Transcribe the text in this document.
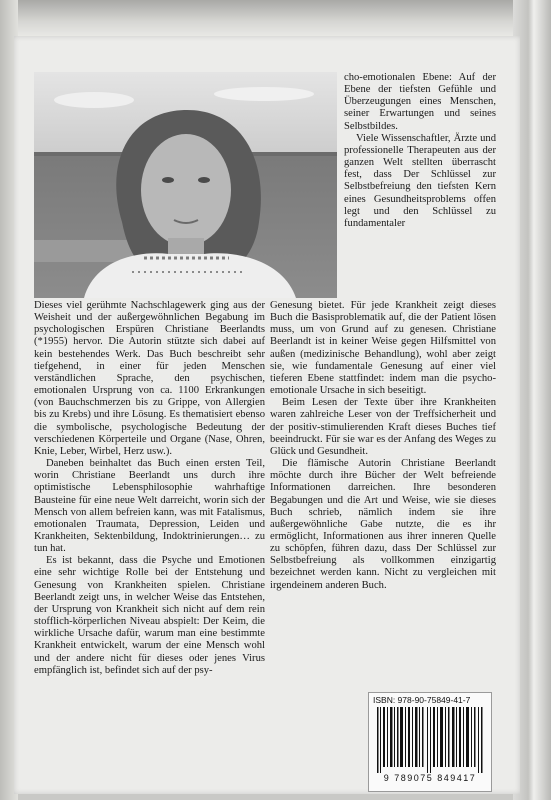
cho-emotionalen Ebene: Auf der Ebene der tiefsten Gefühle und Überzeugungen eines Menschen, seiner Erwartungen und seines Selbstbildes.

Viele Wissenschaftler, Ärzte und professionelle Therapeuten aus der ganzen Welt stellten überrascht fest, dass Der Schlüssel zur Selbstbefreiung den tiefsten Kern eines Gesundheitsproblems offen legt und den Schlüssel zu fundamentaler

Dieses viel gerühmte Nachschlagewerk ging aus der Weisheit und der außergewöhnlichen Begabung im psychologischen Erspüren Christiane Beerlandts (*1955) hervor. Die Autorin stützte sich dabei auf kein bestehendes Werk. Das Buch beschreibt sehr tiefgehend, in einer für jeden Menschen verständlichen Sprache, den psychischen, emotionalen Ursprung von ca. 1100 Erkrankungen (von Bauchschmerzen bis zu Grippe, von Allergien bis zu Krebs) und ihre Lösung. Es thematisiert ebenso die symbolische, psychologische Bedeutung der verschiedenen Körperteile und Organe (Nase, Ohren, Knie, Leber, Wirbel, Herz usw.).

Daneben beinhaltet das Buch einen ersten Teil, worin Christiane Beerlandt uns durch ihre optimistische Lebensphilosophie wahrhaftige Bausteine für eine neue Welt darreicht, worin sich der Mensch von allem befreien kann, was mit Fatalismus, emotionalen Traumata, Depression, Leiden und Krankheiten, Sektenbildung, Indoktrinierungen… zu tun hat.

Es ist bekannt, dass die Psyche und Emotionen eine sehr wichtige Rolle bei der Entstehung und Genesung von Krankheiten spielen. Christiane Beerlandt zeigt uns, in welcher Weise das Entstehen, der Ursprung von Krankheit sich nicht auf dem rein stofflich-körperlichen Niveau abspielt: Der Keim, die wirkliche Ursache dafür, warum man eine bestimmte Krankheit entwickelt, warum der eine Mensch wohl und der andere nicht für dieses oder jenes Virus empfänglich ist, befindet sich auf der psy-

Genesung bietet. Für jede Krankheit zeigt dieses Buch die Basisproblematik auf, die der Patient lösen muss, um von Grund auf zu genesen. Christiane Beerlandt ist in keiner Weise gegen Hilfsmittel von außen (medizinische Behandlung), wohl aber zeigt sie, wie fundamentale Genesung auf einer viel tieferen Ebene stattfindet: indem man die psycho-emotionale Ursache in sich beseitigt.

Beim Lesen der Texte über ihre Krankheiten waren zahlreiche Leser von der Treffsicherheit und der positiv-stimulierenden Kraft dieses Buches tief beeindruckt. Für sie war es der Anfang des Weges zu Glück und Gesundheit.

Die flämische Autorin Christiane Beerlandt möchte durch ihre Bücher der Welt befreiende Informationen darreichen. Ihre besonderen Begabungen und die Art und Weise, wie sie dieses Buch schrieb, nämlich indem sie ihre außergewöhnliche Gabe nutzte, die es ihr ermöglicht, Informationen aus ihrer inneren Quelle zu schöpfen, führen dazu, dass Der Schlüssel zur Selbstbefreiung als vollkommen einzigartig bezeichnet werden kann. Nicht zu vergleichen mit irgendeinem anderen Buch.

ISBN: 978-90-75849-41-7
9 789075 849417
